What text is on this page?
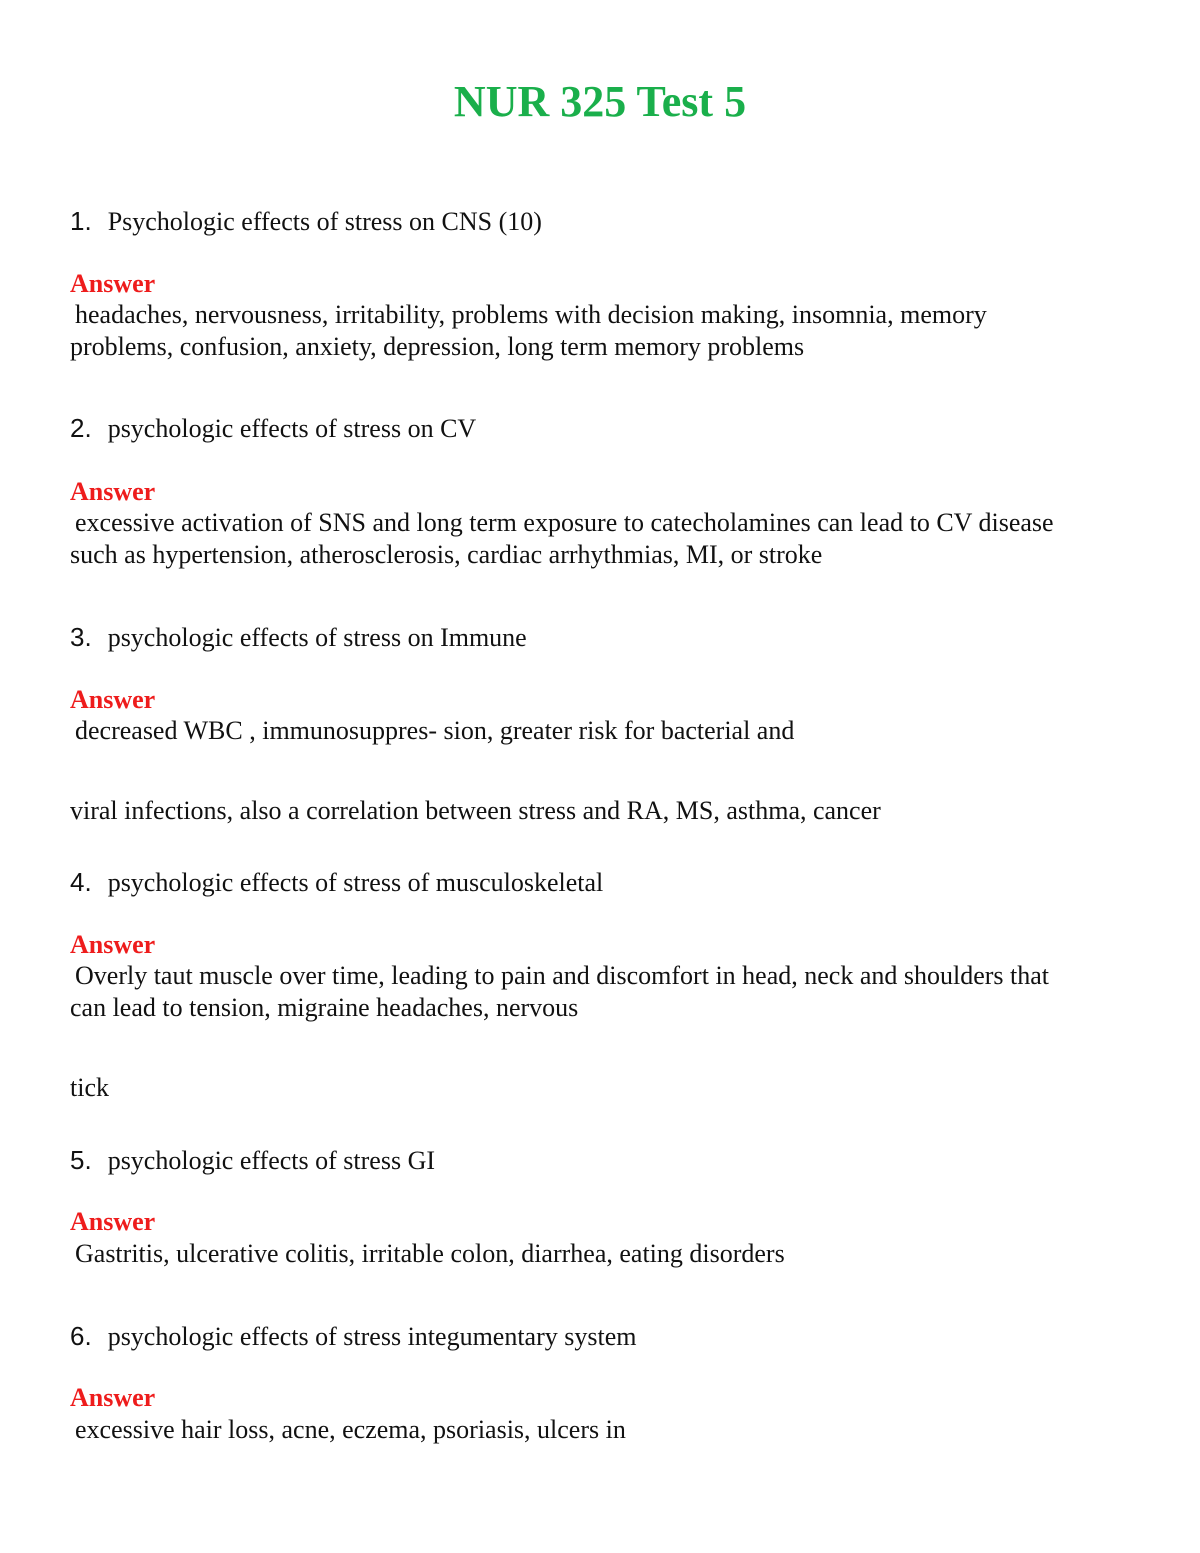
NUR 325 Test 5
1. Psychologic effects of stress on CNS (10)
Answer
headaches, nervousness, irritability, problems with decision making, insomnia, memory
problems, confusion, anxiety, depression, long term memory problems
2. psychologic effects of stress on CV
Answer
excessive activation of SNS and long term exposure to catecholamines can lead to CV disease
such as hypertension, atherosclerosis, cardiac arrhythmias, MI, or stroke
3. psychologic effects of stress on Immune
Answer
decreased WBC , immunosuppres- sion, greater risk for bacterial and
viral infections, also a correlation between stress and RA, MS, asthma, cancer
4. psychologic effects of stress of musculoskeletal
Answer
Overly taut muscle over time, leading to pain and discomfort in head, neck and shoulders that
can lead to tension, migraine headaches, nervous
tick
5. psychologic effects of stress GI
Answer
Gastritis, ulcerative colitis, irritable colon, diarrhea, eating disorders
6. psychologic effects of stress integumentary system
Answer
excessive hair loss, acne, eczema, psoriasis, ulcers in
